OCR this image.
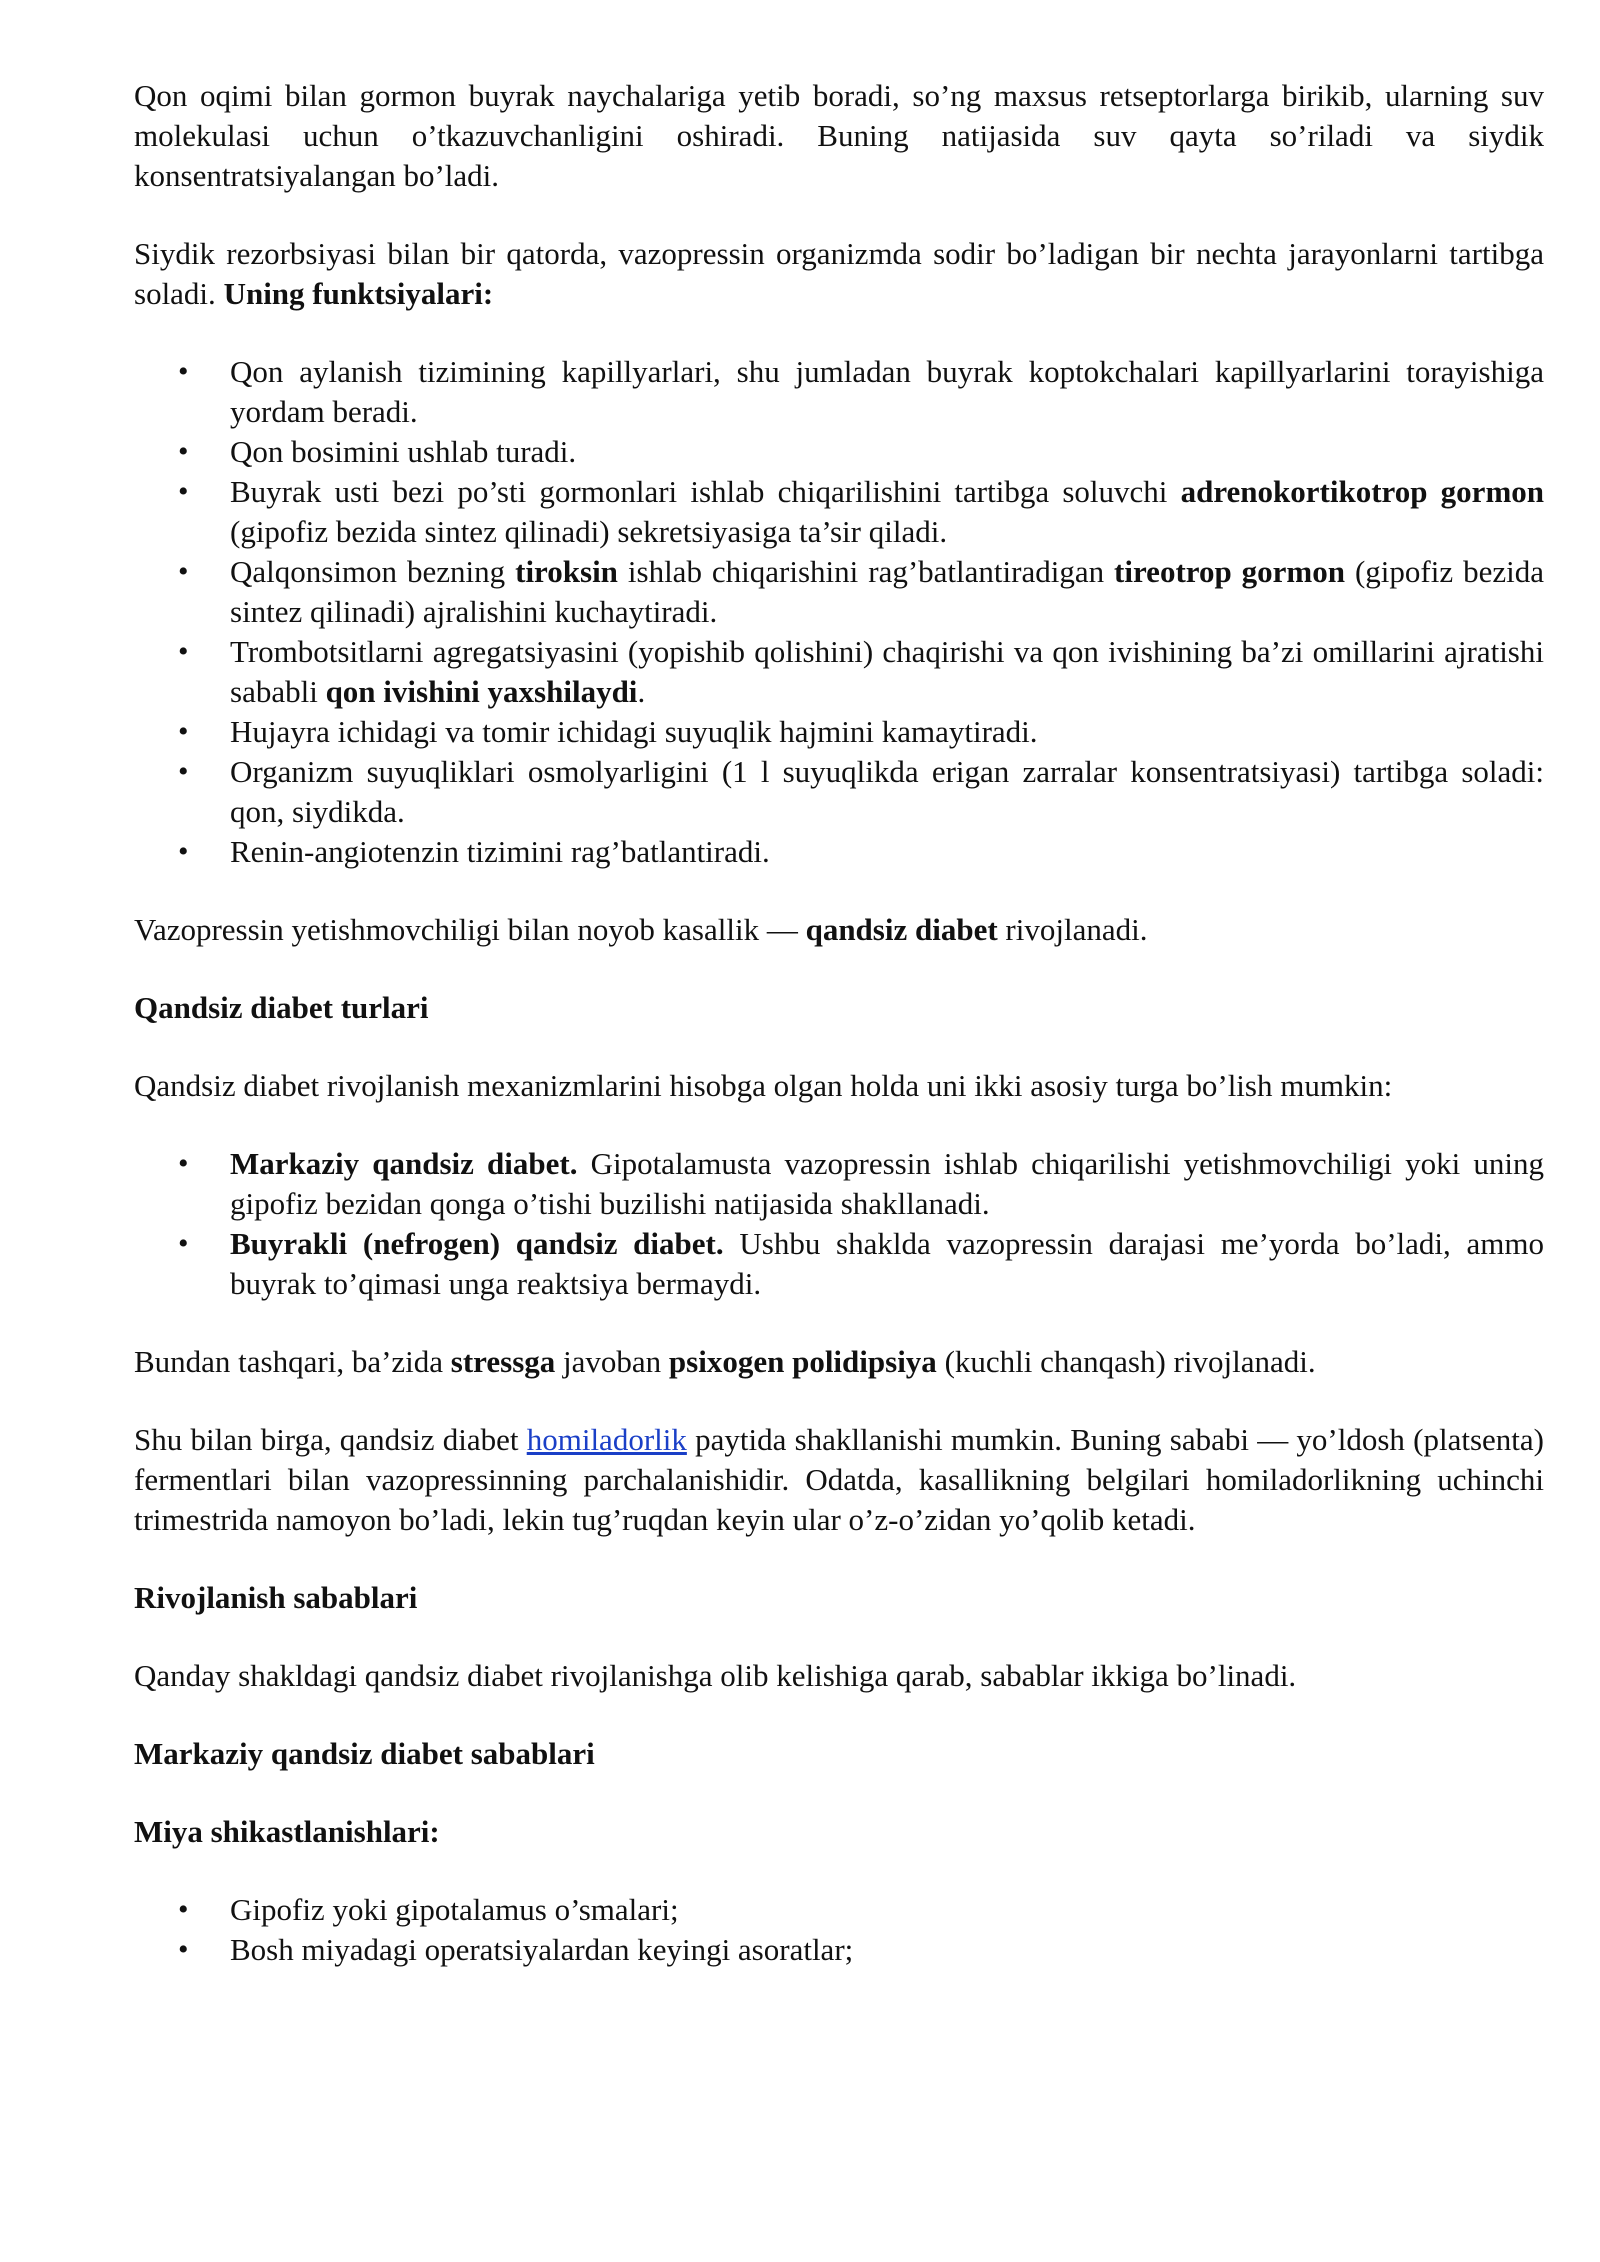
Qon oqimi bilan gormon buyrak naychalariga yetib boradi, so’ng maxsus retseptorlarga birikib, ularning suv molekulasi uchun o’tkazuvchanligini oshiradi. Buning natijasida suv qayta so’riladi va siydik konsentratsiyalangan bo’ladi.

Siydik rezorbsiyasi bilan bir qatorda, vazopressin organizmda sodir bo’ladigan bir nechta jarayonlarni tartibga soladi. Uning funktsiyalari:

• Qon aylanish tizimining kapillyarlari, shu jumladan buyrak koptokchalari kapillyarlarini torayishiga yordam beradi.
• Qon bosimini ushlab turadi.
• Buyrak usti bezi po’sti gormonlari ishlab chiqarilishini tartibga soluvchi adrenokortikotrop gormon (gipofiz bezida sintez qilinadi) sekretsiyasiga ta’sir qiladi.
• Qalqonsimon bezning tiroksin ishlab chiqarishini rag’batlantiradigan tireotrop gormon (gipofiz bezida sintez qilinadi) ajralishini kuchaytiradi.
• Trombotsitlarni agregatsiyasini (yopishib qolishini) chaqirishi va qon ivishining ba’zi omillarini ajratishi sababli qon ivishini yaxshilaydi.
• Hujayra ichidagi va tomir ichidagi suyuqlik hajmini kamaytiradi.
• Organizm suyuqliklari osmolyarligini (1 l suyuqlikda erigan zarralar konsentratsiyasi) tartibga soladi: qon, siydikda.
• Renin-angiotenzin tizimini rag’batlantiradi.

Vazopressin yetishmovchiligi bilan noyob kasallik — qandsiz diabet rivojlanadi.

Qandsiz diabet turlari

Qandsiz diabet rivojlanish mexanizmlarini hisobga olgan holda uni ikki asosiy turga bo’lish mumkin:

• Markaziy qandsiz diabet. Gipotalamusta vazopressin ishlab chiqarilishi yetishmovchiligi yoki uning gipofiz bezidan qonga o’tishi buzilishi natijasida shakllanadi.
• Buyrakli (nefrogen) qandsiz diabet. Ushbu shaklda vazopressin darajasi me’yorda bo’ladi, ammo buyrak to’qimasi unga reaktsiya bermaydi.

Bundan tashqari, ba’zida stressga javoban psixogen polidipsiya (kuchli chanqash) rivojlanadi.

Shu bilan birga, qandsiz diabet homiladorlik paytida shakllanishi mumkin. Buning sababi — yo’ldosh (platsenta) fermentlari bilan vazopressinning parchalanishidir. Odatda, kasallikning belgilari homiladorlikning uchinchi trimestrida namoyon bo’ladi, lekin tug’ruqdan keyin ular o’z-o’zidan yo’qolib ketadi.

Rivojlanish sabablari

Qanday shakldagi qandsiz diabet rivojlanishga olib kelishiga qarab, sabablar ikkiga bo’linadi.

Markaziy qandsiz diabet sabablari
Miya shikastlanishlari:
• Gipofiz yoki gipotalamus o’smalari;
• Bosh miyadagi operatsiyalardan keyingi asoratlar;
